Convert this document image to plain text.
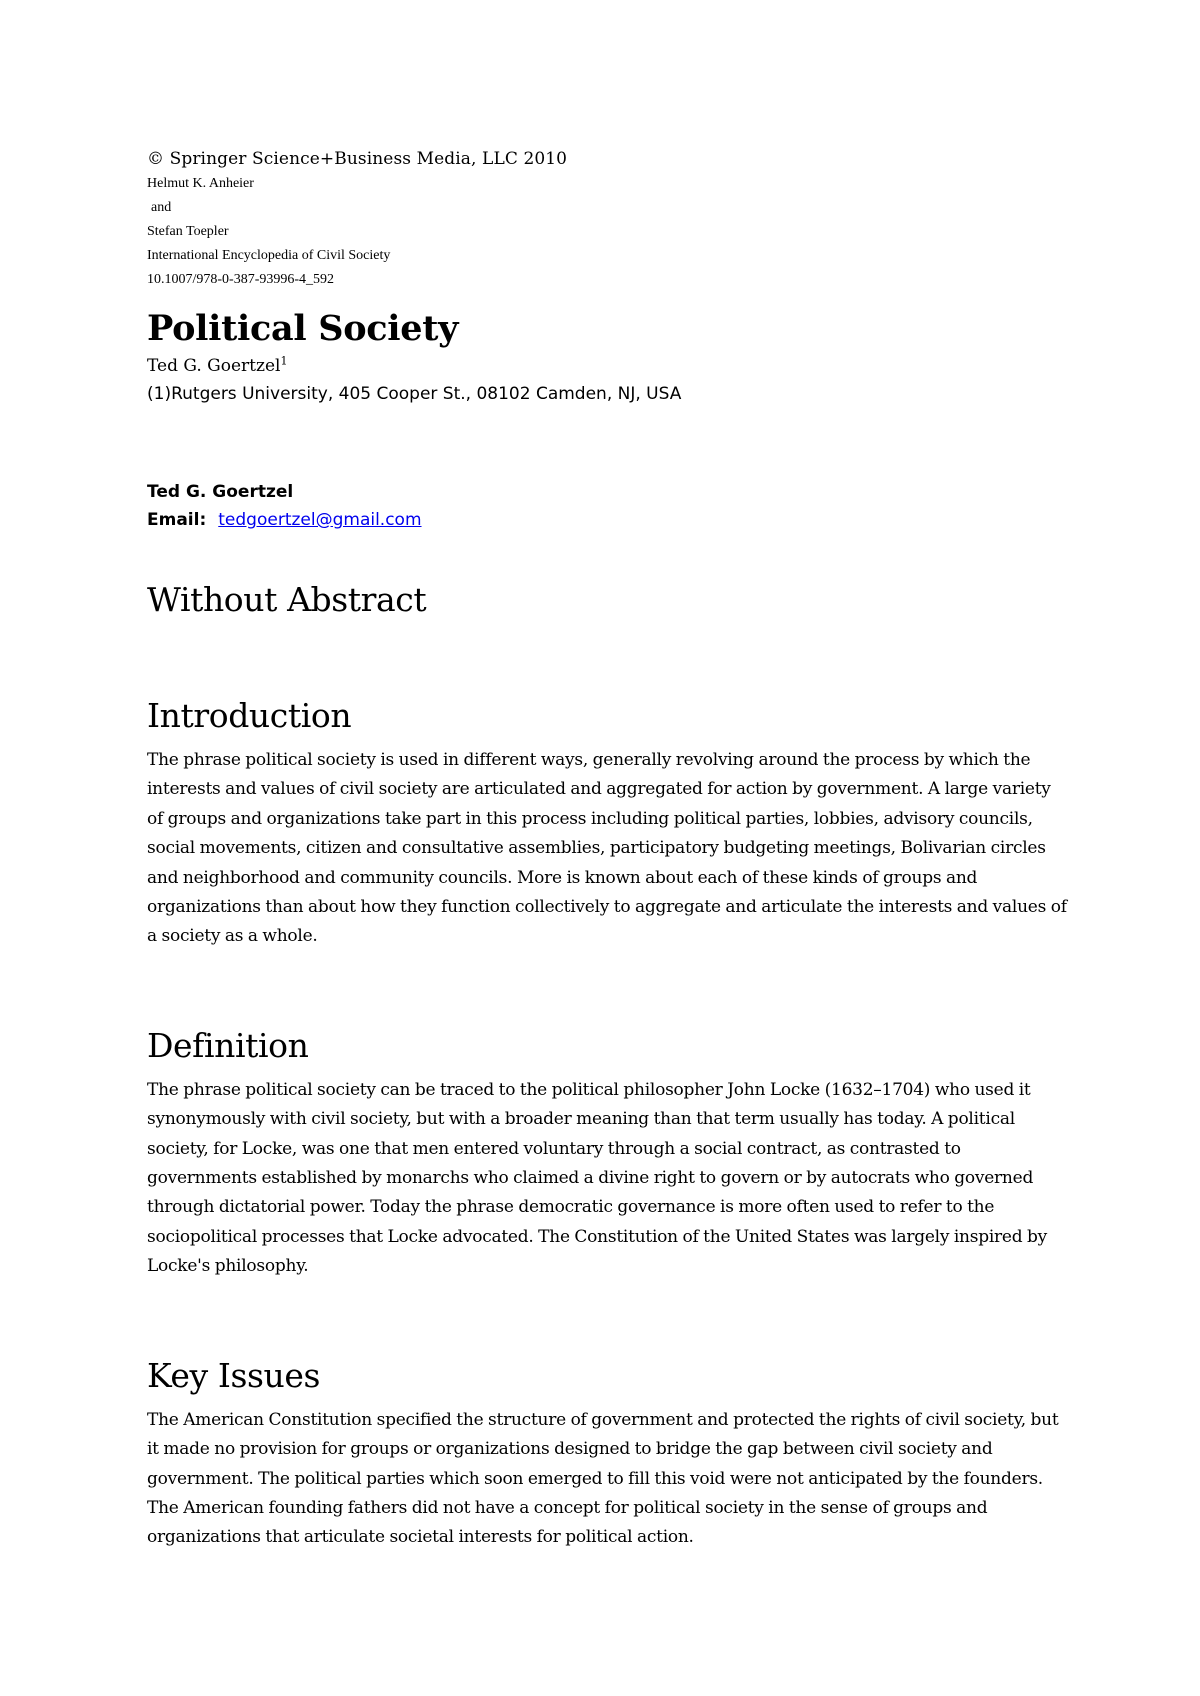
© Springer Science+Business Media, LLC 2010

Helmut K. Anheier

and

Stefan Toepler

International Encyclopedia of Civil Society

10.1007/978-0-387-93996-4_592

Political Society

Ted G. Goertzel$^1$

(1)Rutgers University, 405 Cooper St., 08102 Camden, NJ, USA

Ted G. Goertzel

Email: tedgoertzel@gmail.com

Without Abstract
Introduction

The phrase political society is used in different ways, generally revolving around the process by which the interests and values of civil society are articulated and aggregated for action by government. A large variety of groups and organizations take part in this process including political parties, lobbies, advisory councils, social movements, citizen and consultative assemblies, participatory budgeting meetings, Bolivarian circles and neighborhood and community councils. More is known about each of these kinds of groups and organizations than about how they function collectively to aggregate and articulate the interests and values of a society as a whole.

Definition

The phrase political society can be traced to the political philosopher John Locke (1632–1704) who used it synonymously with civil society, but with a broader meaning than that term usually has today. A political society, for Locke, was one that men entered voluntary through a social contract, as contrasted to governments established by monarchs who claimed a divine right to govern or by autocrats who governed through dictatorial power. Today the phrase democratic governance is more often used to refer to the sociopolitical processes that Locke advocated. The Constitution of the United States was largely inspired by Locke's philosophy.

Key Issues

The American Constitution specified the structure of government and protected the rights of civil society, but it made no provision for groups or organizations designed to bridge the gap between civil society and government. The political parties which soon emerged to fill this void were not anticipated by the founders. The American founding fathers did not have a concept for political society in the sense of groups and organizations that articulate societal interests for political action.
